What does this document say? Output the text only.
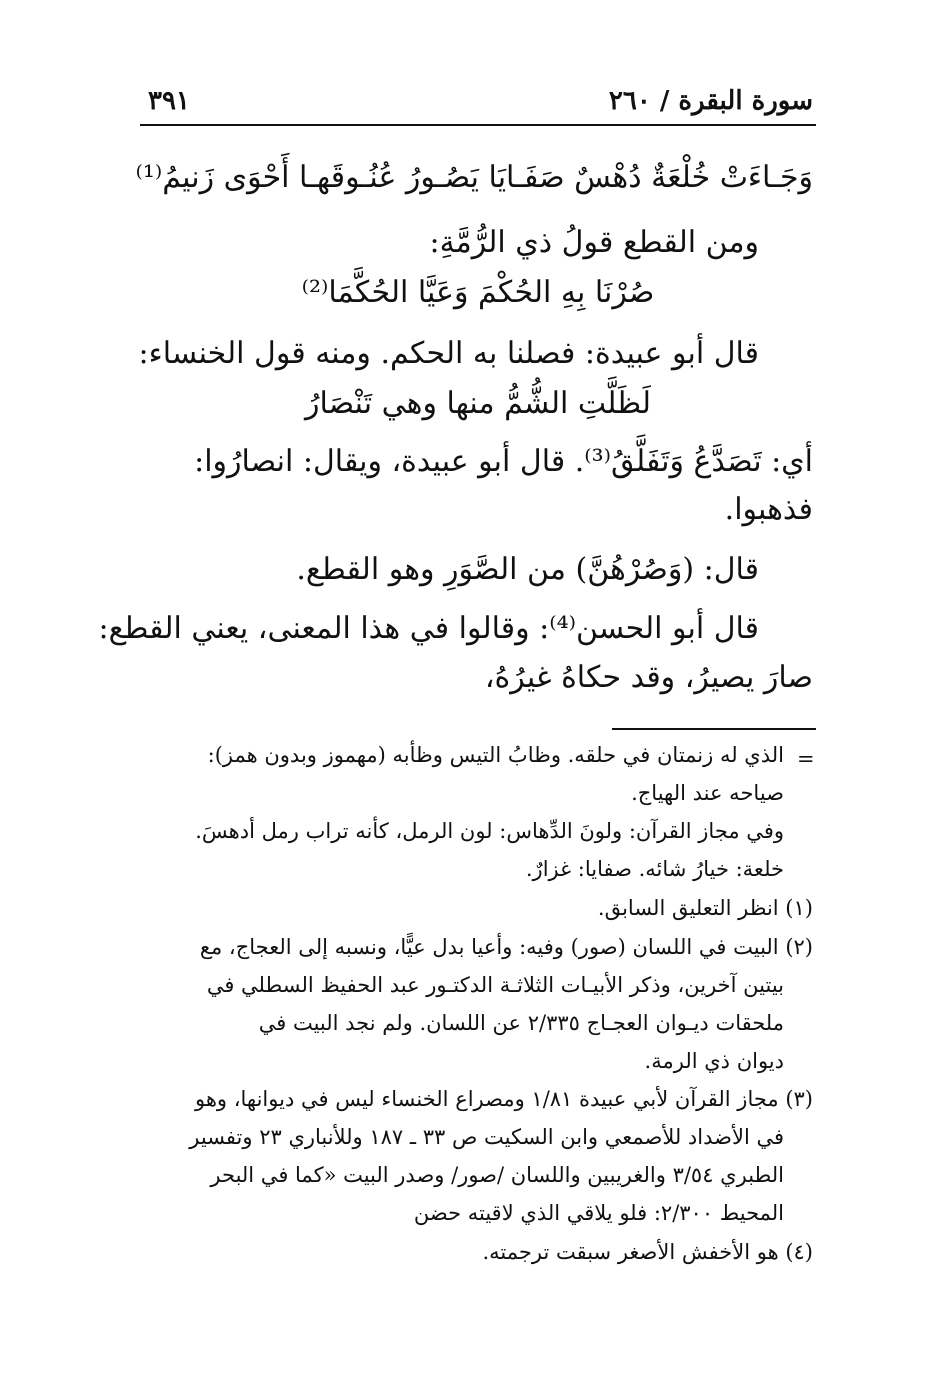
٣٩١	سورة البقرة / ٢٦٠
وَجَـاءَتْ خُلْعَةٌ دُهْسٌ صَفَـايَا يَصُـورُ عُنُـوقَهـا أَحْوَى زَنيمُ⁽¹⁾
ومن القطع قولُ ذي الرُّمَّةِ:
صُرْنَا بِهِ الحُكْمَ وَعَيَّا الحُكَّمَا⁽²⁾
قال أبو عبيدة: فصلنا به الحكم. ومنه قول الخنساء:
لَظَلَّتِ الشُّمُّ منها وهي تَنْصَارُ
أي: تَصَدَّعُ وَتَفَلَّقُ⁽³⁾. قال أبو عبيدة، ويقال: انصارُوا:
فذهبوا.
قال: (وَصُرْهُنَّ) من الصَّوَرِ وهو القطع.
قال أبو الحسن⁽⁴⁾: وقالوا في هذا المعنى، يعني القطع:
صارَ يصيرُ، وقد حكاهُ غيرُهُ،
=
الذي له زنمتان في حلقه. وظابُ التيس وظأبه (مهموز وبدون همز):
صياحه عند الهياج.
وفي مجاز القرآن: ولونَ الدِّهاس: لون الرمل، كأنه تراب رمل أدهسَ.
خلعة: خيارُ شائه. صفايا: غزارٌ.
(١) انظر التعليق السابق.
(٢) البيت في اللسان (صور) وفيه: وأعيا بدل عيًّا، ونسبه إلى العجاج، مع
بيتين آخرين، وذكر الأبيـات الثلاثـة الدكتـور عبد الحفيظ السطلي في
ملحقات ديـوان العجـاج ٢/٣٣٥ عن اللسان. ولم نجد البيت في
ديوان ذي الرمة.
(٣) مجاز القرآن لأبي عبيدة ١/٨١ ومصراع الخنساء ليس في ديوانها، وهو
في الأضداد للأصمعي وابن السكيت ص ٣٣ ـ ١٨٧ وللأنباري ٢٣ وتفسير
الطبري ٣/٥٤ والغريبين واللسان /صور/ وصدر البيت «كما في البحر
المحيط ٢/٣٠٠: فلو يلاقي الذي لاقيته حضن
(٤) هو الأخفش الأصغر سبقت ترجمته.
